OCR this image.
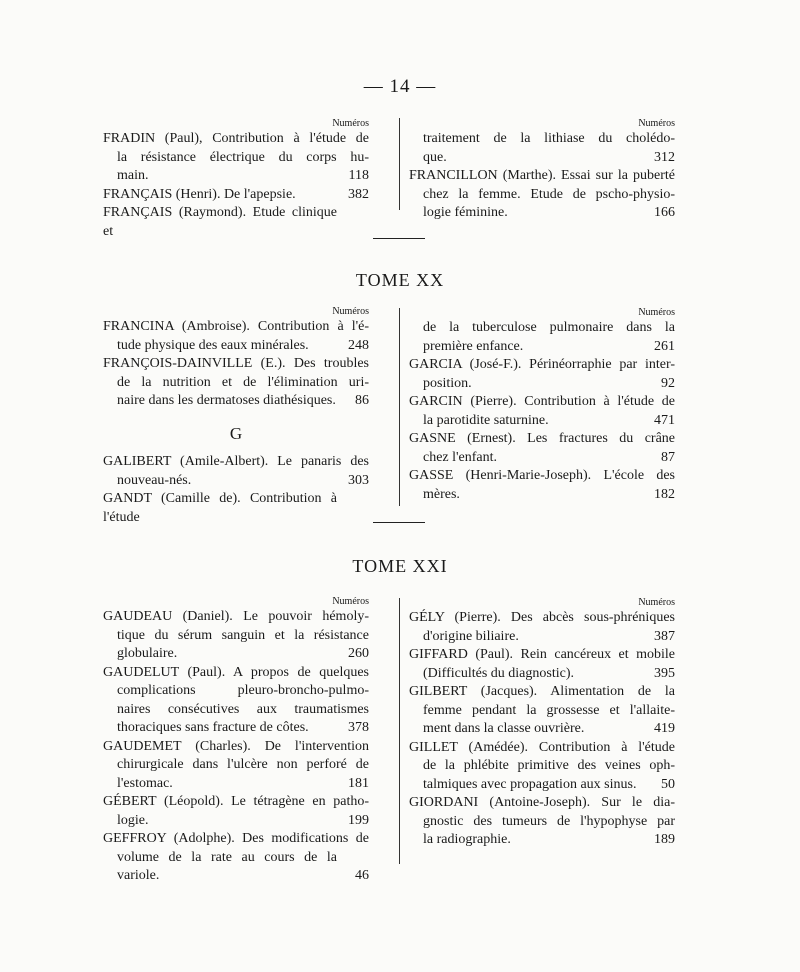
— 14 —
Numéros
FRADIN (Paul), Contribution à l'étude de
la résistance électrique du corps hu-
main.	118
FRANÇAIS (Henri). De l'apepsie.	382
FRANÇAIS (Raymond). Etude clinique et
Numéros
traitement de la lithiase du cholédo-
que.	312
FRANCILLON (Marthe). Essai sur la puberté
chez la femme. Etude de pscho-physio-
logie féminine.	166
TOME XX
Numéros
FRANCINA (Ambroise). Contribution à l'é-
tude physique des eaux minérales.	248
FRANÇOIS-DAINVILLE (E.). Des troubles
de la nutrition et de l'élimination uri-
naire dans les dermatoses diathésiques.	86
G
GALIBERT (Amile-Albert). Le panaris des
nouveau-nés.	303
GANDT (Camille de). Contribution à l'étude
Numéros
de la tuberculose pulmonaire dans la
première enfance.	261
GARCIA (José-F.). Périnéorraphie par inter-
position.	92
GARCIN (Pierre). Contribution à l'étude de
la parotidite saturnine.	471
GASNE (Ernest). Les fractures du crâne
chez l'enfant.	87
GASSE (Henri-Marie-Joseph). L'école des
mères.	182
TOME XXI
Numéros
GAUDEAU (Daniel). Le pouvoir hémoly-
tique du sérum sanguin et la résistance
globulaire.	260
GAUDELUT (Paul). A propos de quelques
complications pleuro-broncho-pulmo-
naires consécutives aux traumatismes
thoraciques sans fracture de côtes.	378
GAUDEMET (Charles). De l'intervention
chirurgicale dans l'ulcère non perforé de
l'estomac.	181
GÉBERT (Léopold). Le tétragène en patho-
logie.	199
GEFFROY (Adolphe). Des modifications de
volume de la rate au cours de la variole.	46
Numéros
GÉLY (Pierre). Des abcès sous-phréniques
d'origine biliaire.	387
GIFFARD (Paul). Rein cancéreux et mobile
(Difficultés du diagnostic).	395
GILBERT (Jacques). Alimentation de la
femme pendant la grossesse et l'allaite-
ment dans la classe ouvrière.	419
GILLET (Amédée). Contribution à l'étude
de la phlébite primitive des veines oph-
talmiques avec propagation aux sinus.	50
GIORDANI (Antoine-Joseph). Sur le dia-
gnostic des tumeurs de l'hypophyse par
la radiographie.	189
